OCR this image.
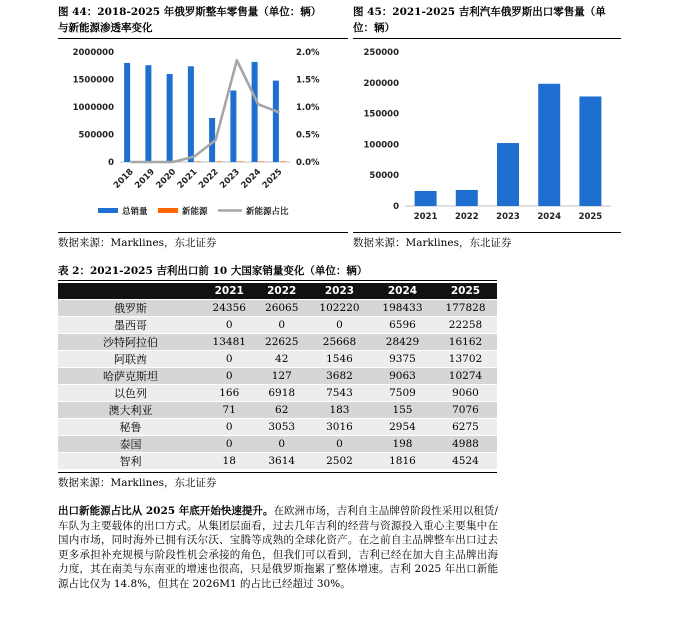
图 44：2018-2025 年俄罗斯整车零售量（单位：辆）
与新能源渗透率变化
0
500000
1000000
1500000
2000000
0.0%
0.5%
1.0%
1.5%
2.0%
2018
2019
2020
2021
2022
2023
2024
2025
总销量	新能源	新能源占比
数据来源：Marklines，东北证券
图 45：2021-2025 吉利汽车俄罗斯出口零售量（单
位：辆）
0
50000
100000
150000
200000
250000
2021 2022 2023 2024 2025
数据来源：Marklines，东北证券
表 2：2021-2025 吉利出口前 10 大国家销量变化（单位：辆）
	2021	2022	2023	2024	2025
俄罗斯	24356	26065	102220	198433	177828
墨西哥	0	0	0	6596	22258
沙特阿拉伯	13481	22625	25668	28429	16162
阿联酋	0	42	1546	9375	13702
哈萨克斯坦	0	127	3682	9063	10274
以色列	166	6918	7543	7509	9060
澳大利亚	71	62	183	155	7076
秘鲁	0	3053	3016	2954	6275
泰国	0	0	0	198	4988
智利	18	3614	2502	1816	4524
数据来源：Marklines，东北证券
出口新能源占比从 2025 年底开始快速提升。在欧洲市场，吉利自主品牌曾阶段性采用以租赁/车队为主要载体的出口方式。从集团层面看，过去几年吉利的经营与资源投入重心主要集中在国内市场，同时海外已拥有沃尔沃、宝腾等成熟的全球化资产。在之前自主品牌整车出口过去更多承担补充规模与阶段性机会承接的角色，但我们可以看到，吉利已经在加大自主品牌出海力度，其在南美与东南亚的增速也很高，只是俄罗斯拖累了整体增速。吉利 2025 年出口新能源占比仅为 14.8%，但其在 2026M1 的占比已经超过 30%。
